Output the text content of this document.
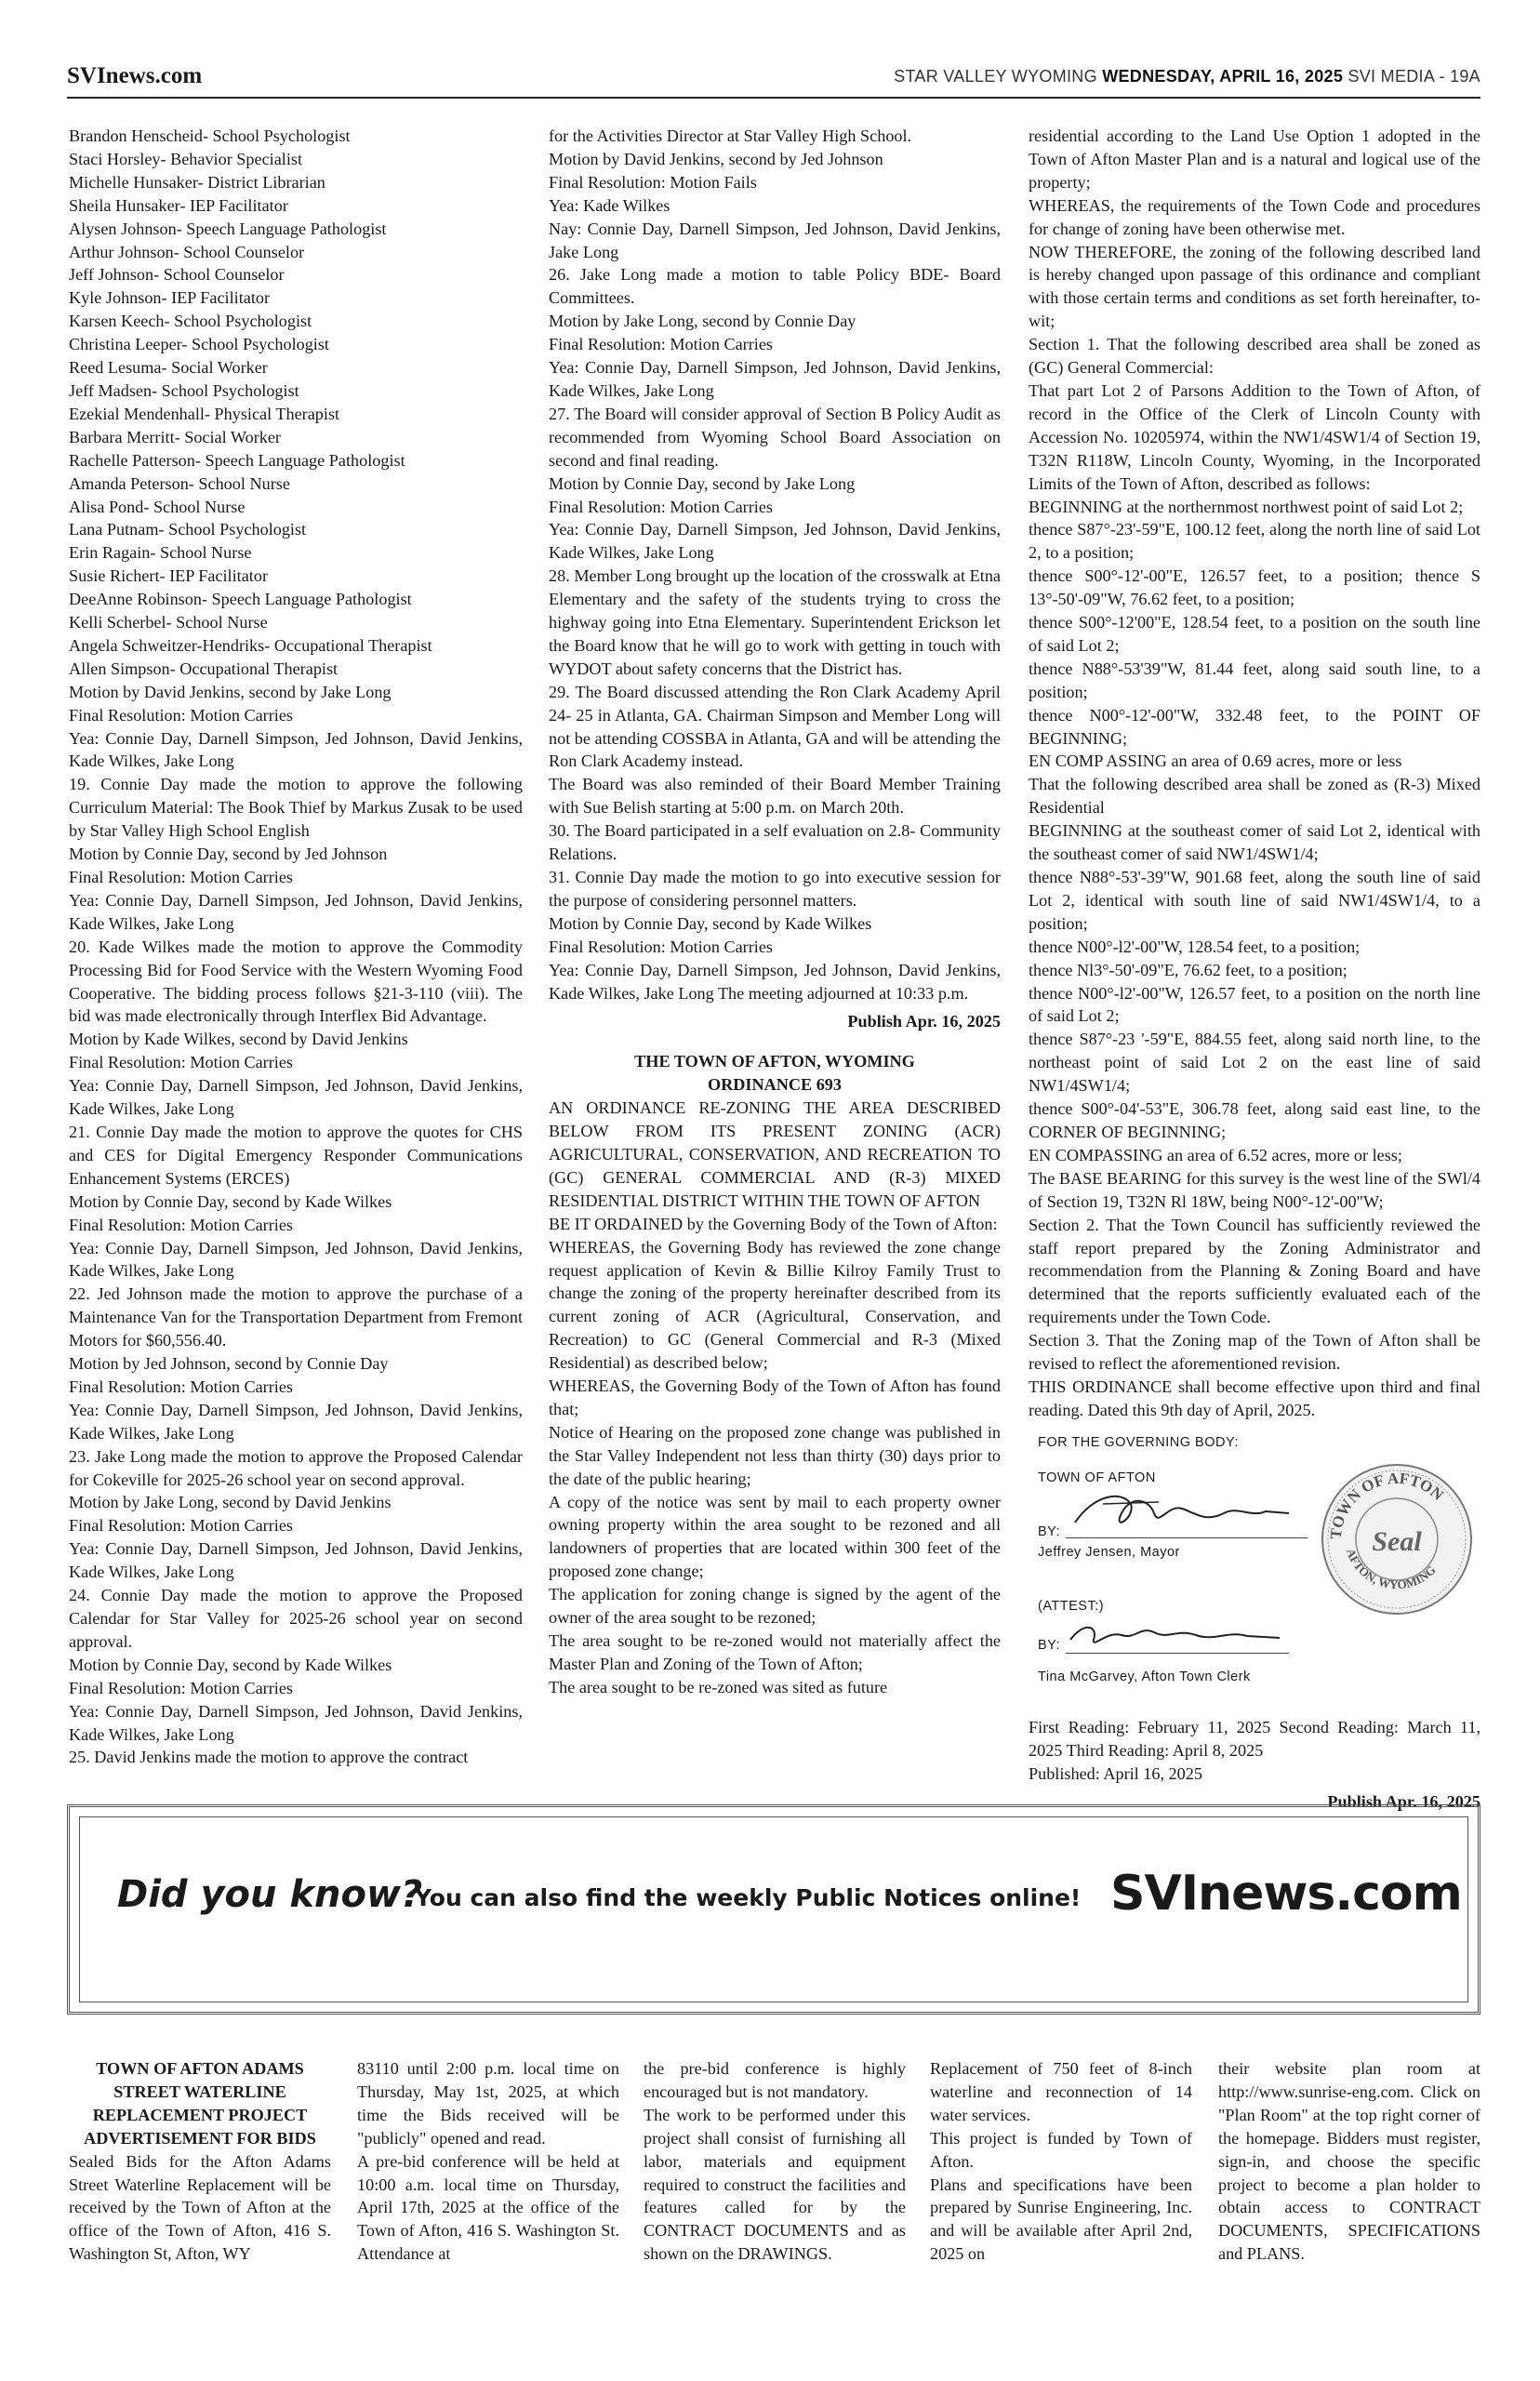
SVInews.com	STAR VALLEY WYOMING WEDNESDAY, APRIL 16, 2025 SVI MEDIA - 19A

Brandon Henscheid- School Psychologist

Staci Horsley- Behavior Specialist

Michelle Hunsaker- District Librarian

Sheila Hunsaker- IEP Facilitator

Alysen Johnson- Speech Language Pathologist

Arthur Johnson- School Counselor

Jeff Johnson- School Counselor

Kyle Johnson- IEP Facilitator

Karsen Keech- School Psychologist

Christina Leeper- School Psychologist

Reed Lesuma- Social Worker

Jeff Madsen- School Psychologist

Ezekial Mendenhall- Physical Therapist

Barbara Merritt- Social Worker

Rachelle Patterson- Speech Language Pathologist

Amanda Peterson- School Nurse

Alisa Pond- School Nurse

Lana Putnam- School Psychologist

Erin Ragain- School Nurse

Susie Richert- IEP Facilitator

DeeAnne Robinson- Speech Language Pathologist

Kelli Scherbel- School Nurse

Angela Schweitzer-Hendriks- Occupational Therapist

Allen Simpson- Occupational Therapist

Motion by David Jenkins, second by Jake Long

Final Resolution: Motion Carries

Yea: Connie Day, Darnell Simpson, Jed Johnson, David Jenkins, Kade Wilkes, Jake Long

19. Connie Day made the motion to approve the following Curriculum Material: The Book Thief by Markus Zusak to be used by Star Valley High School English

Motion by Connie Day, second by Jed Johnson

Final Resolution: Motion Carries

Yea: Connie Day, Darnell Simpson, Jed Johnson, David Jenkins, Kade Wilkes, Jake Long

20. Kade Wilkes made the motion to approve the Commodity Processing Bid for Food Service with the Western Wyoming Food Cooperative. The bidding process follows §21-3-110 (viii). The bid was made electronically through Interflex Bid Advantage.

Motion by Kade Wilkes, second by David Jenkins

Final Resolution: Motion Carries

Yea: Connie Day, Darnell Simpson, Jed Johnson, David Jenkins, Kade Wilkes, Jake Long

21. Connie Day made the motion to approve the quotes for CHS and CES for Digital Emergency Responder Communications Enhancement Systems (ERCES)

Motion by Connie Day, second by Kade Wilkes

Final Resolution: Motion Carries

Yea: Connie Day, Darnell Simpson, Jed Johnson, David Jenkins, Kade Wilkes, Jake Long

22. Jed Johnson made the motion to approve the purchase of a Maintenance Van for the Transportation Department from Fremont Motors for $60,556.40.

Motion by Jed Johnson, second by Connie Day

Final Resolution: Motion Carries

Yea: Connie Day, Darnell Simpson, Jed Johnson, David Jenkins, Kade Wilkes, Jake Long

23. Jake Long made the motion to approve the Proposed Calendar for Cokeville for 2025-26 school year on second approval.

Motion by Jake Long, second by David Jenkins

Final Resolution: Motion Carries

Yea: Connie Day, Darnell Simpson, Jed Johnson, David Jenkins, Kade Wilkes, Jake Long

24. Connie Day made the motion to approve the Proposed Calendar for Star Valley for 2025-26 school year on second approval.

Motion by Connie Day, second by Kade Wilkes

Final Resolution: Motion Carries

Yea: Connie Day, Darnell Simpson, Jed Johnson, David Jenkins, Kade Wilkes, Jake Long

25. David Jenkins made the motion to approve the contract

for the Activities Director at Star Valley High School.

Motion by David Jenkins, second by Jed Johnson

Final Resolution: Motion Fails

Yea: Kade Wilkes

Nay: Connie Day, Darnell Simpson, Jed Johnson, David Jenkins, Jake Long

26. Jake Long made a motion to table Policy BDE- Board Committees.

Motion by Jake Long, second by Connie Day

Final Resolution: Motion Carries

Yea: Connie Day, Darnell Simpson, Jed Johnson, David Jenkins, Kade Wilkes, Jake Long

27. The Board will consider approval of Section B Policy Audit as recommended from Wyoming School Board Association on second and final reading.

Motion by Connie Day, second by Jake Long

Final Resolution: Motion Carries

Yea: Connie Day, Darnell Simpson, Jed Johnson, David Jenkins, Kade Wilkes, Jake Long

28. Member Long brought up the location of the crosswalk at Etna Elementary and the safety of the students trying to cross the highway going into Etna Elementary. Superintendent Erickson let the Board know that he will go to work with getting in touch with WYDOT about safety concerns that the District has.

29. The Board discussed attending the Ron Clark Academy April 24- 25 in Atlanta, GA. Chairman Simpson and Member Long will not be attending COSSBA in Atlanta, GA and will be attending the Ron Clark Academy instead.

The Board was also reminded of their Board Member Training with Sue Belish starting at 5:00 p.m. on March 20th.

30. The Board participated in a self evaluation on 2.8- Community Relations.

31. Connie Day made the motion to go into executive session for the purpose of considering personnel matters.

Motion by Connie Day, second by Kade Wilkes

Final Resolution: Motion Carries

Yea: Connie Day, Darnell Simpson, Jed Johnson, David Jenkins, Kade Wilkes, Jake Long The meeting adjourned at 10:33 p.m.

Publish Apr. 16, 2025

THE TOWN OF AFTON, WYOMING

ORDINANCE 693

AN ORDINANCE RE-ZONING THE AREA DESCRIBED BELOW FROM ITS PRESENT ZONING (ACR) AGRICULTURAL, CONSERVATION, AND RECREATION TO (GC) GENERAL COMMERCIAL AND (R-3) MIXED RESIDENTIAL DISTRICT WITHIN THE TOWN OF AFTON

BE IT ORDAINED by the Governing Body of the Town of Afton:

WHEREAS, the Governing Body has reviewed the zone change request application of Kevin & Billie Kilroy Family Trust to change the zoning of the property hereinafter described from its current zoning of ACR (Agricultural, Conservation, and Recreation) to GC (General Commercial and R-3 (Mixed Residential) as described below;

WHEREAS, the Governing Body of the Town of Afton has found that;

Notice of Hearing on the proposed zone change was published in the Star Valley Independent not less than thirty (30) days prior to the date of the public hearing;

A copy of the notice was sent by mail to each property owner owning property within the area sought to be rezoned and all landowners of properties that are located within 300 feet of the proposed zone change;

The application for zoning change is signed by the agent of the owner of the area sought to be rezoned;

The area sought to be re-zoned would not materially affect the Master Plan and Zoning of the Town of Afton;

The area sought to be re-zoned was sited as future

residential according to the Land Use Option 1 adopted in the Town of Afton Master Plan and is a natural and logical use of the property;

WHEREAS, the requirements of the Town Code and procedures for change of zoning have been otherwise met.

NOW THEREFORE, the zoning of the following described land is hereby changed upon passage of this ordinance and compliant with those certain terms and conditions as set forth hereinafter, to-wit;

Section 1. That the following described area shall be zoned as (GC) General Commercial:

That part Lot 2 of Parsons Addition to the Town of Afton, of record in the Office of the Clerk of Lincoln County with Accession No. 10205974, within the NW1/4SW1/4 of Section 19, T32N R118W, Lincoln County, Wyoming, in the Incorporated Limits of the Town of Afton, described as follows:

BEGINNING at the northernmost northwest point of said Lot 2;

thence S87°-23'-59"E, 100.12 feet, along the north line of said Lot 2, to a position;

thence S00°-12'-00"E, 126.57 feet, to a position; thence S 13°-50'-09"W, 76.62 feet, to a position;

thence S00°-12'00"E, 128.54 feet, to a position on the south line of said Lot 2;

thence N88°-53'39"W, 81.44 feet, along said south line, to a position;

thence N00°-12'-00"W, 332.48 feet, to the POINT OF BEGINNING;

EN COMP ASSING an area of 0.69 acres, more or less

That the following described area shall be zoned as (R-3) Mixed Residential

BEGINNING at the southeast comer of said Lot 2, identical with the southeast comer of said NW1/4SW1/4;

thence N88°-53'-39"W, 901.68 feet, along the south line of said Lot 2, identical with south line of said NW1/4SW1/4, to a position;

thence N00°-l2'-00"W, 128.54 feet, to a position;

thence Nl3°-50'-09"E, 76.62 feet, to a position;

thence N00°-l2'-00"W, 126.57 feet, to a position on the north line of said Lot 2;

thence S87°-23 '-59"E, 884.55 feet, along said north line, to the northeast point of said Lot 2 on the east line of said NW1/4SW1/4;

thence S00°-04'-53"E, 306.78 feet, along said east line, to the CORNER OF BEGINNING;

EN COMPASSING an area of 6.52 acres, more or less;

The BASE BEARING for this survey is the west line of the SWl/4 of Section 19, T32N Rl 18W, being N00°-12'-00"W;

Section 2. That the Town Council has sufficiently reviewed the staff report prepared by the Zoning Administrator and recommendation from the Planning & Zoning Board and have determined that the reports sufficiently evaluated each of the requirements under the Town Code.

Section 3. That the Zoning map of the Town of Afton shall be revised to reflect the aforementioned revision.

THIS ORDINANCE shall become effective upon third and final reading. Dated this 9th day of April, 2025.

FOR THE GOVERNING BODY:
TOWN OF AFTON
BY:
Jeffrey Jensen, Mayor
(ATTEST:)
BY:
Tina McGarvey, Afton Town Clerk
TOWN OF AFTON
AFTON, WYOMING
Seal

First Reading: February 11, 2025 Second Reading: March 11, 2025 Third Reading: April 8, 2025

Published: April 16, 2025

Publish Apr. 16, 2025

Did you know?
You can also find the weekly Public Notices online! SVInews.com

TOWN OF AFTON ADAMS STREET WATERLINE REPLACEMENT PROJECT ADVERTISEMENT FOR BIDS

Sealed Bids for the Afton Adams Street Waterline Replacement will be received by the Town of Afton at the office of the Town of Afton, 416 S. Washington St, Afton, WY

83110 until 2:00 p.m. local time on Thursday, May 1st, 2025, at which time the Bids received will be "publicly" opened and read.

A pre-bid conference will be held at 10:00 a.m. local time on Thursday, April 17th, 2025 at the office of the Town of Afton, 416 S. Washington St. Attendance at

the pre-bid conference is highly encouraged but is not mandatory.

The work to be performed under this project shall consist of furnishing all labor, materials and equipment required to construct the facilities and features called for by the CONTRACT DOCUMENTS and as shown on the DRAWINGS.

Replacement of 750 feet of 8-inch waterline and reconnection of 14 water services.

This project is funded by Town of Afton.

Plans and specifications have been prepared by Sunrise Engineering, Inc. and will be available after April 2nd, 2025 on

their website plan room at http://www.sunrise-eng.com. Click on "Plan Room" at the top right corner of the homepage. Bidders must register, sign-in, and choose the specific project to become a plan holder to obtain access to CONTRACT DOCUMENTS, SPECIFICATIONS and PLANS.
